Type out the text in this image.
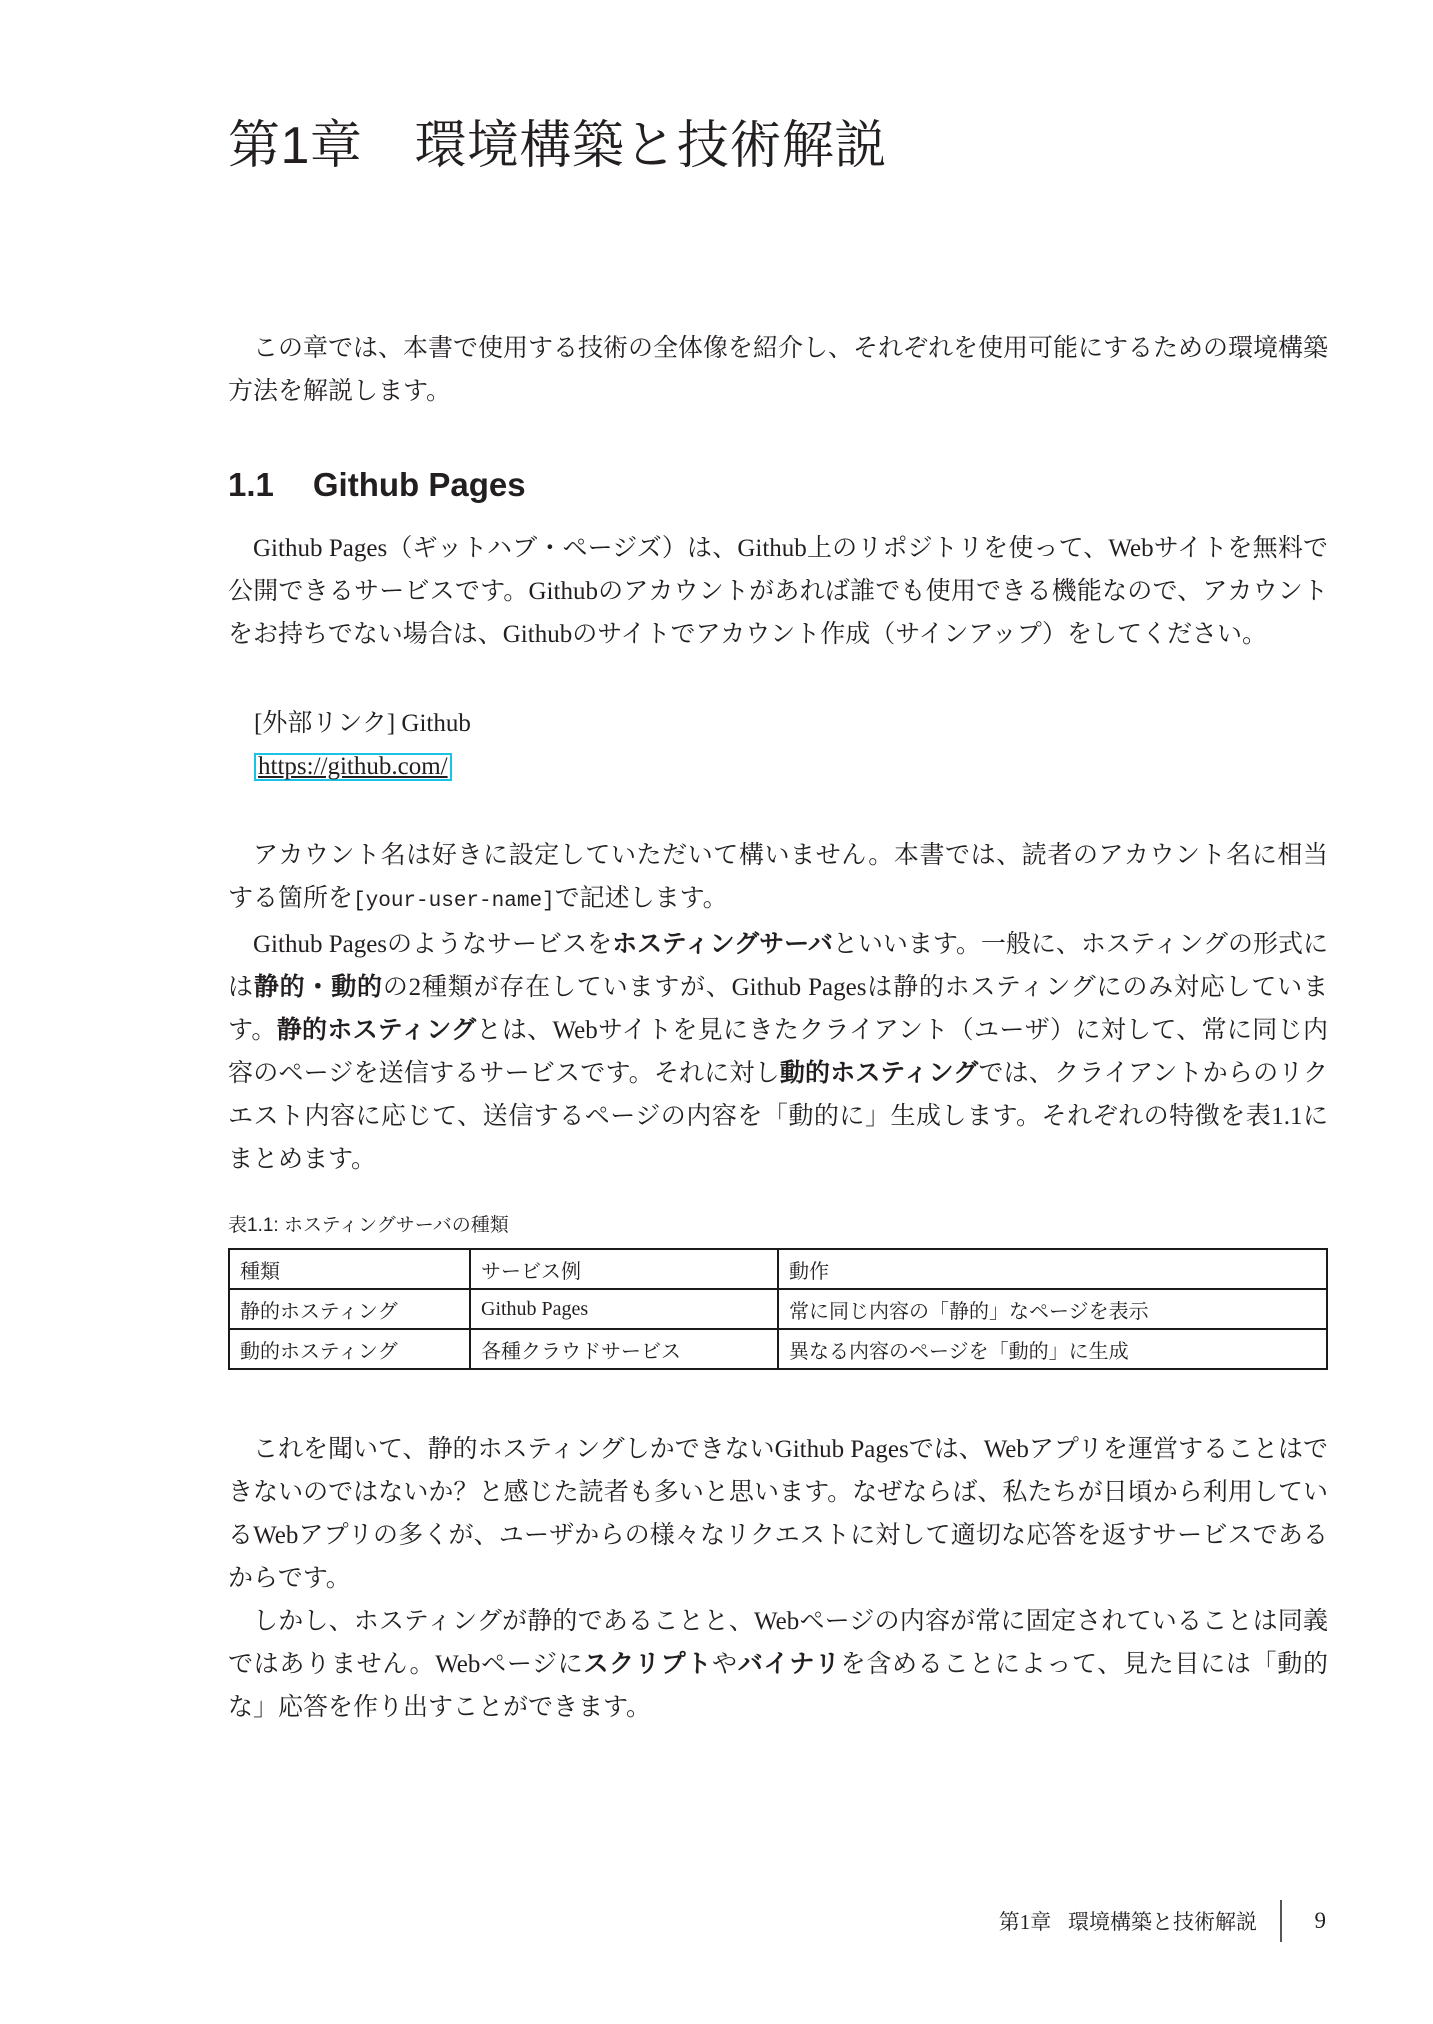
第1章 環境構築と技術解説

この章では、本書で使用する技術の全体像を紹介し、それぞれを使用可能にするための環境構築方法を解説します。

1.1 Github Pages

Github Pages（ギットハブ・ページズ）は、Github上のリポジトリを使って、Webサイトを無料で公開できるサービスです。Githubのアカウントがあれば誰でも使用できる機能なので、アカウントをお持ちでない場合は、Githubのサイトでアカウント作成（サインアップ）をしてください。

[外部リンク] Github
https://github.com/

アカウント名は好きに設定していただいて構いません。本書では、読者のアカウント名に相当する箇所を[your-user-name]で記述します。

Github Pagesのようなサービスをホスティングサーバといいます。一般に、ホスティングの形式には静的・動的の2種類が存在していますが、Github Pagesは静的ホスティングにのみ対応しています。静的ホスティングとは、Webサイトを見にきたクライアント（ユーザ）に対して、常に同じ内容のページを送信するサービスです。それに対し動的ホスティングでは、クライアントからのリクエスト内容に応じて、送信するページの内容を「動的に」生成します。それぞれの特徴を表1.1にまとめます。

表1.1: ホスティングサーバの種類
種類	サービス例	動作
静的ホスティング	Github Pages	常に同じ内容の「静的」なページを表示
動的ホスティング	各種クラウドサービス	異なる内容のページを「動的」に生成

これを聞いて、静的ホスティングしかできないGithub Pagesでは、Webアプリを運営することはできないのではないか？と感じた読者も多いと思います。なぜならば、私たちが日頃から利用しているWebアプリの多くが、ユーザからの様々なリクエストに対して適切な応答を返すサービスであるからです。

しかし、ホスティングが静的であることと、Webページの内容が常に固定されていることは同義ではありません。Webページにスクリプトやバイナリを含めることによって、見た目には「動的な」応答を作り出すことができます。

第1章 環境構築と技術解説	9
